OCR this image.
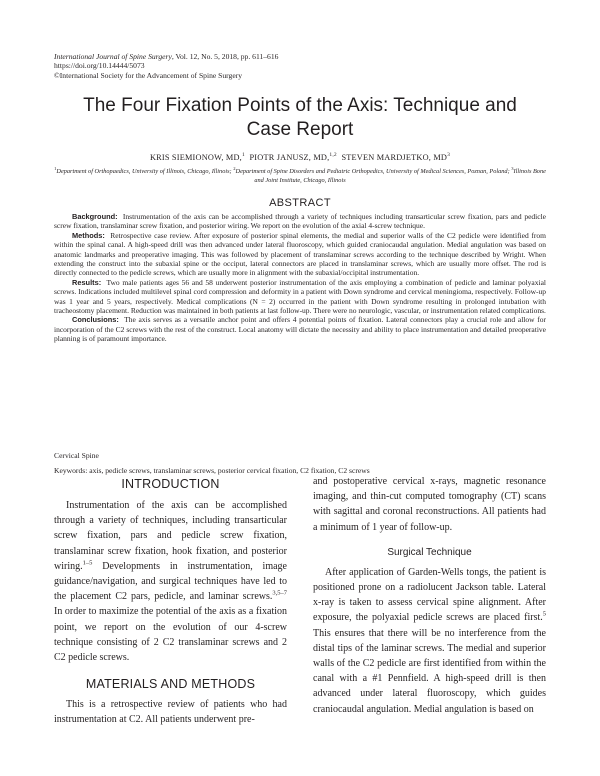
International Journal of Spine Surgery, Vol. 12, No. 5, 2018, pp. 611–616
https://doi.org/10.14444/5073
©International Society for the Advancement of Spine Surgery
The Four Fixation Points of the Axis: Technique and Case Report
KRIS SIEMIONOW, MD,$^1$ PIOTR JANUSZ, MD,$^{1,2}$ STEVEN MARDJETKO, $MD^3$
$^1$Department of Orthopaedics, University of Illinois, Chicago, Illinois; $^2$Department of Spine Disorders and Pediatric Orthopedics, University of Medical Sciences, Poznan, Poland; $^3$Illinois Bone and Joint Institute, Chicago, Illinois
ABSTRACT

Background: Instrumentation of the axis can be accomplished through a variety of techniques including transarticular screw fixation, pars and pedicle screw fixation, translaminar screw fixation, and posterior wiring. We report on the evolution of the axial 4-screw technique.

Methods: Retrospective case review. After exposure of posterior spinal elements, the medial and superior walls of the C2 pedicle were identified from within the spinal canal. A high-speed drill was then advanced under lateral fluoroscopy, which guided craniocaudal angulation. Medial angulation was based on anatomic landmarks and preoperative imaging. This was followed by placement of translaminar screws according to the technique described by Wright. When extending the construct into the subaxial spine or the occiput, lateral connectors are placed in translaminar screws, which are usually more offset. The rod is directly connected to the pedicle screws, which are usually more in alignment with the subaxial/occipital instrumentation.

Results: Two male patients ages 56 and 58 underwent posterior instrumentation of the axis employing a combination of pedicle and laminar polyaxial screws. Indications included multilevel spinal cord compression and deformity in a patient with Down syndrome and cervical meningioma, respectively. Follow-up was 1 year and 5 years, respectively. Medical complications (N = 2) occurred in the patient with Down syndrome resulting in prolonged intubation with tracheostomy placement. Reduction was maintained in both patients at last follow-up. There were no neurologic, vascular, or instrumentation related complications.

Conclusions: The axis serves as a versatile anchor point and offers 4 potential points of fixation. Lateral connectors play a crucial role and allow for incorporation of the C2 screws with the rest of the construct. Local anatomy will dictate the necessity and ability to place instrumentation and detailed preoperative planning is of paramount importance.

Cervical Spine
Keywords: axis, pedicle screws, translaminar screws, posterior cervical fixation, C2 fixation, C2 screws
INTRODUCTION

Instrumentation of the axis can be accomplished through a variety of techniques, including transarticular screw fixation, pars and pedicle screw fixation, translaminar screw fixation, hook fixation, and posterior wiring.$^{1-5}$ Developments in instrumentation, image guidance/navigation, and surgical techniques have led to the placement C2 pars, pedicle, and laminar screws.$^{3,5-7}$ In order to maximize the potential of the axis as a fixation point, we report on the evolution of our 4-screw technique consisting of 2 C2 translaminar screws and 2 C2 pedicle screws.

MATERIALS AND METHODS

This is a retrospective review of patients who had instrumentation at C2. All patients underwent pre-

and postoperative cervical x-rays, magnetic resonance imaging, and thin-cut computed tomography (CT) scans with sagittal and coronal reconstructions. All patients had a minimum of 1 year of follow-up.

Surgical Technique

After application of Garden-Wells tongs, the patient is positioned prone on a radiolucent Jackson table. Lateral x-ray is taken to assess cervical spine alignment. After exposure, the polyaxial pedicle screws are placed first.$^5$ This ensures that there will be no interference from the distal tips of the laminar screws. The medial and superior walls of the C2 pedicle are first identified from within the canal with a #1 Pennfield. A high-speed drill is then advanced under lateral fluoroscopy, which guides craniocaudal angulation. Medial angulation is based on
